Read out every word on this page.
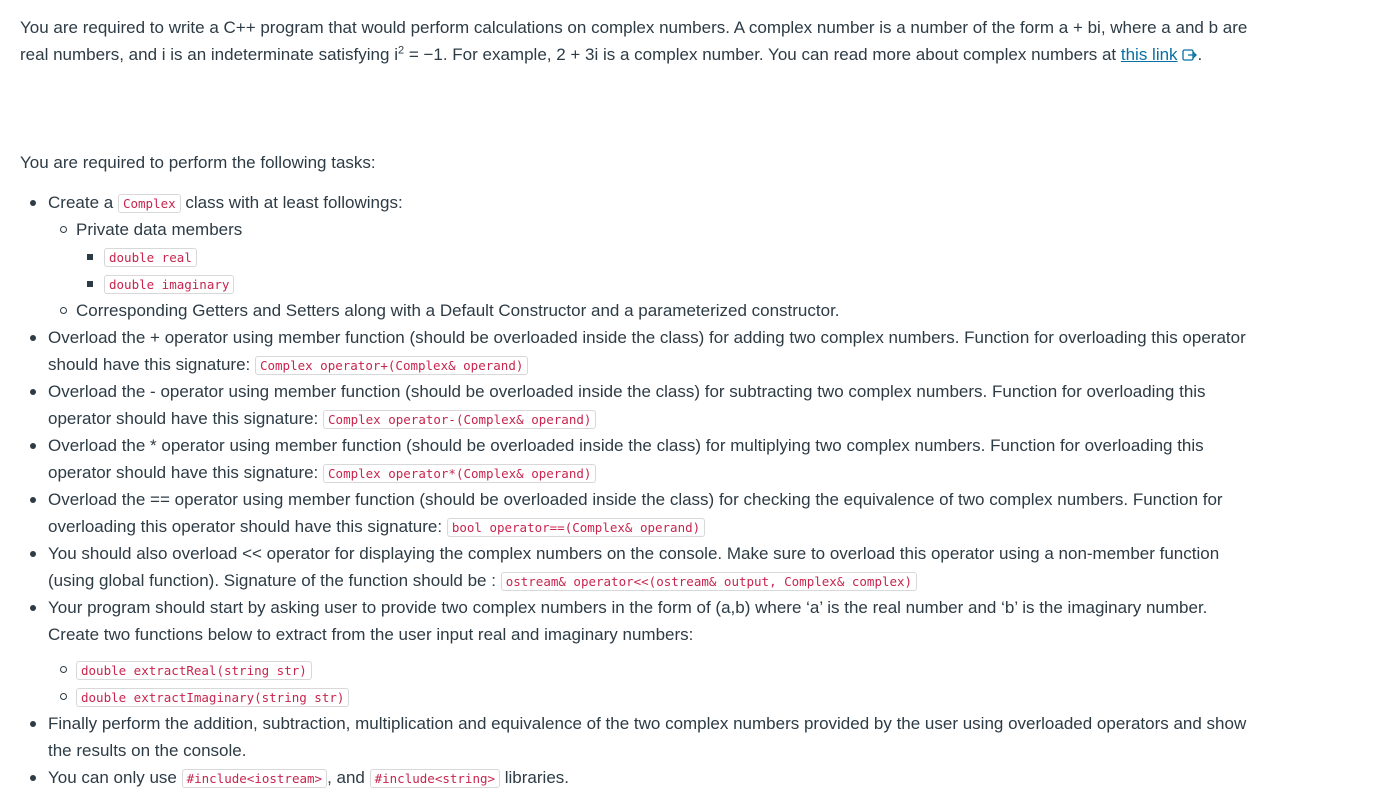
You are required to write a C++ program that would perform calculations on complex numbers. A complex number is a number of the form a + bi, where a and b are real numbers, and i is an indeterminate satisfying $i^2 = -1$. For example, 2 + 3i is a complex number. You can read more about complex numbers at this link .

You are required to perform the following tasks:

Create a Complex class with at least followings:
Private data members
double real
double imaginary
Corresponding Getters and Setters along with a Default Constructor and a parameterized constructor.
Overload the + operator using member function (should be overloaded inside the class) for adding two complex numbers. Function for overloading this operator should have this signature: Complex operator+(Complex& operand)
Overload the - operator using member function (should be overloaded inside the class) for subtracting two complex numbers. Function for overloading this operator should have this signature: Complex operator-(Complex& operand)
Overload the * operator using member function (should be overloaded inside the class) for multiplying two complex numbers. Function for overloading this operator should have this signature: Complex operator*(Complex& operand)
Overload the == operator using member function (should be overloaded inside the class) for checking the equivalence of two complex numbers. Function for overloading this operator should have this signature: bool operator==(Complex& operand)
You should also overload << operator for displaying the complex numbers on the console. Make sure to overload this operator using a non-member function (using global function). Signature of the function should be : ostream& operator<<(ostream& output, Complex& complex)
Your program should start by asking user to provide two complex numbers in the form of (a,b) where ‘a’ is the real number and ‘b’ is the imaginary number. Create two functions below to extract from the user input real and imaginary numbers:
double extractReal(string str)
double extractImaginary(string str)
Finally perform the addition, subtraction, multiplication and equivalence of the two complex numbers provided by the user using overloaded operators and show the results on the console.
You can only use #include<iostream> , and #include<string> libraries.
